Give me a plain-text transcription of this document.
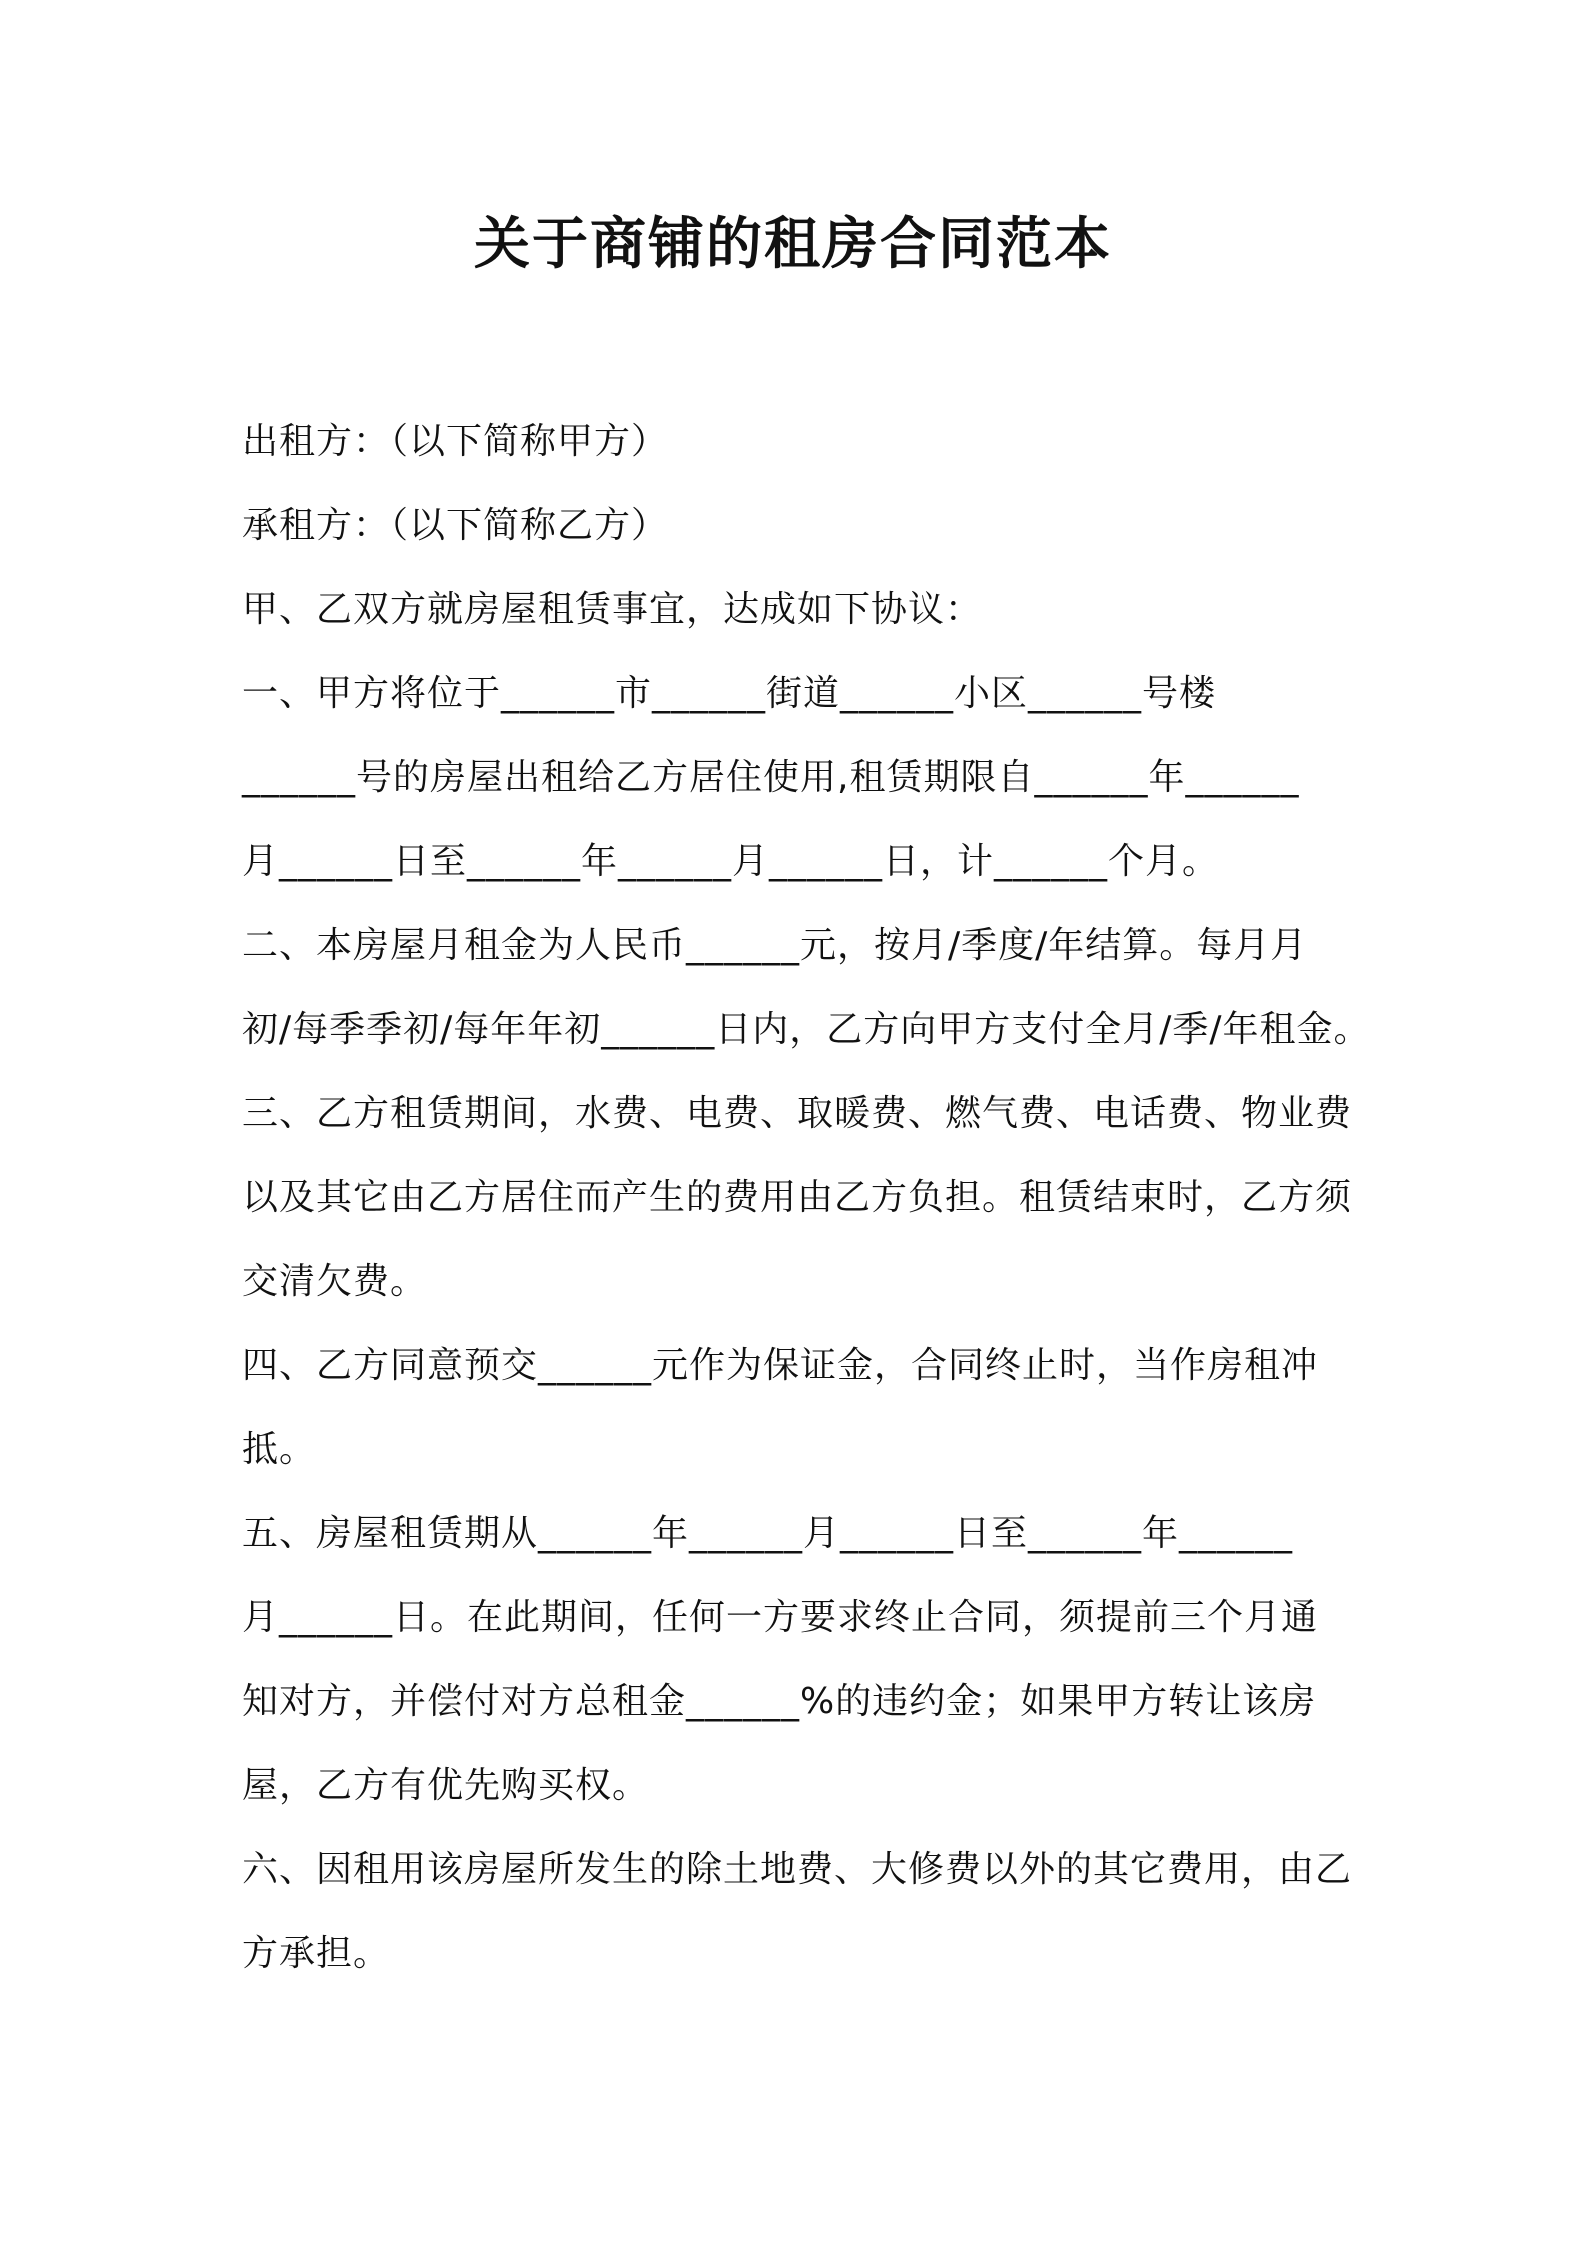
关于商铺的租房合同范本

出租方：（以下简称甲方）

承租方：（以下简称乙方）

甲、乙双方就房屋租赁事宜，达成如下协议：

一、甲方将位于______市______街道______小区______号楼

______号的房屋出租给乙方居住使用,租赁期限自______年______

月______日至______年______月______日，计______个月。

二、本房屋月租金为人民币______元，按月/季度/年结算。每月月

初/每季季初/每年年初______日内，乙方向甲方支付全月/季/年租金。

三、乙方租赁期间，水费、电费、取暖费、燃气费、电话费、物业费

以及其它由乙方居住而产生的费用由乙方负担。租赁结束时，乙方须

交清欠费。

四、乙方同意预交______元作为保证金，合同终止时，当作房租冲

抵。

五、房屋租赁期从______年______月______日至______年______

月______日。在此期间，任何一方要求终止合同，须提前三个月通

知对方，并偿付对方总租金______%的违约金；如果甲方转让该房

屋，乙方有优先购买权。

六、因租用该房屋所发生的除土地费、大修费以外的其它费用，由乙

方承担。
